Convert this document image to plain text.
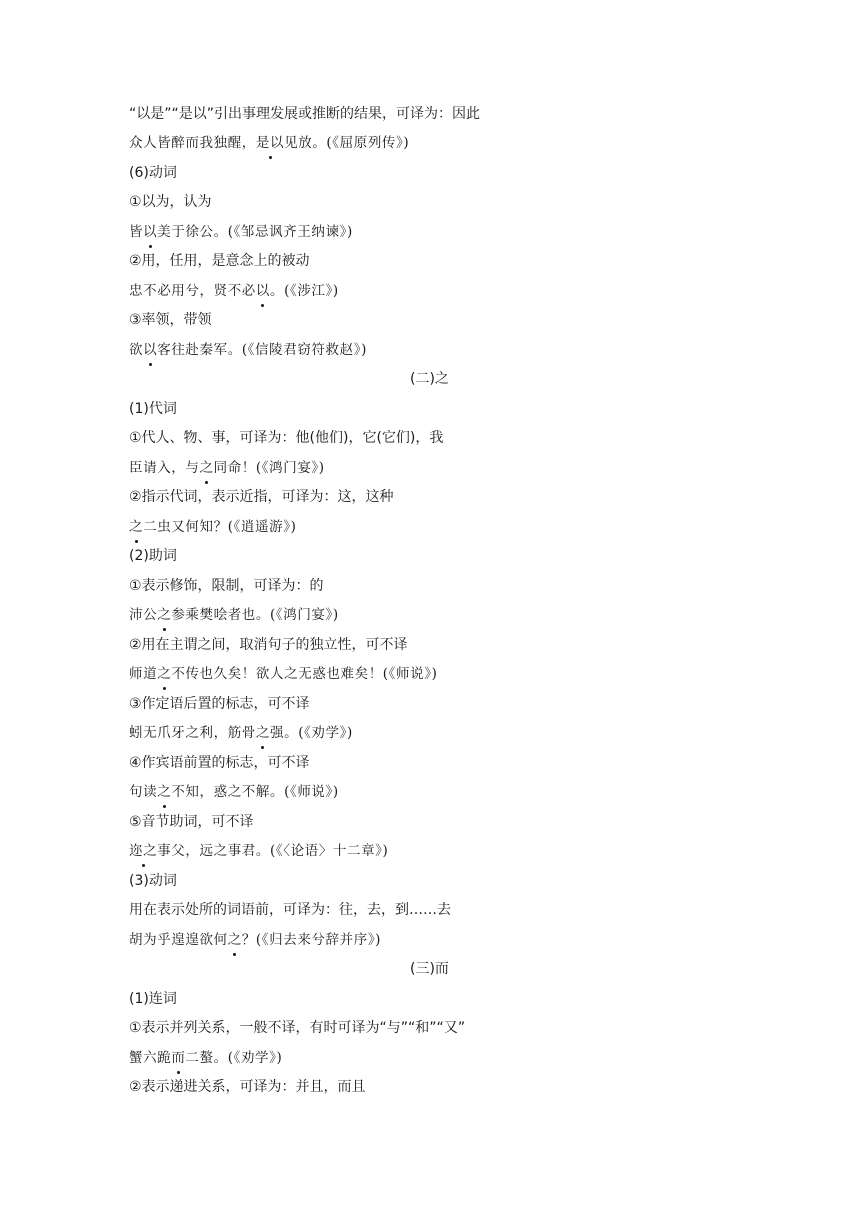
“以是”“是以”引出事理发展或推断的结果，可译为：因此
众人皆醉而我独醒，是以见放。(《屈原列传》)
(6)动词
①以为，认为
皆以美于徐公。(《邹忌讽齐王纳谏》)
②用，任用，是意念上的被动
忠不必用兮，贤不必以。(《涉江》)
③率领，带领
欲以客往赴秦军。(《信陵君窃符救赵》)
(二)之
(1)代词
①代人、物、事，可译为：他(他们)，它(它们)，我
臣请入，与之同命！(《鸿门宴》)
②指示代词，表示近指，可译为：这，这种
之二虫又何知？(《逍遥游》)
(2)助词
①表示修饰，限制，可译为：的
沛公之参乘樊哙者也。(《鸿门宴》)
②用在主谓之间，取消句子的独立性，可不译
师道之不传也久矣！欲人之无惑也难矣！(《师说》)
③作定语后置的标志，可不译
蚓无爪牙之利，筋骨之强。(《劝学》)
④作宾语前置的标志，可不译
句读之不知，惑之不解。(《师说》)
⑤音节助词，可不译
迩之事父，远之事君。(《〈论语〉十二章》)
(3)动词
用在表示处所的词语前，可译为：往，去，到……去
胡为乎遑遑欲何之？(《归去来兮辞并序》)
(三)而
(1)连词
①表示并列关系，一般不译，有时可译为“与”“和”“又”
蟹六跪而二螯。(《劝学》)
②表示递进关系，可译为：并且，而且
